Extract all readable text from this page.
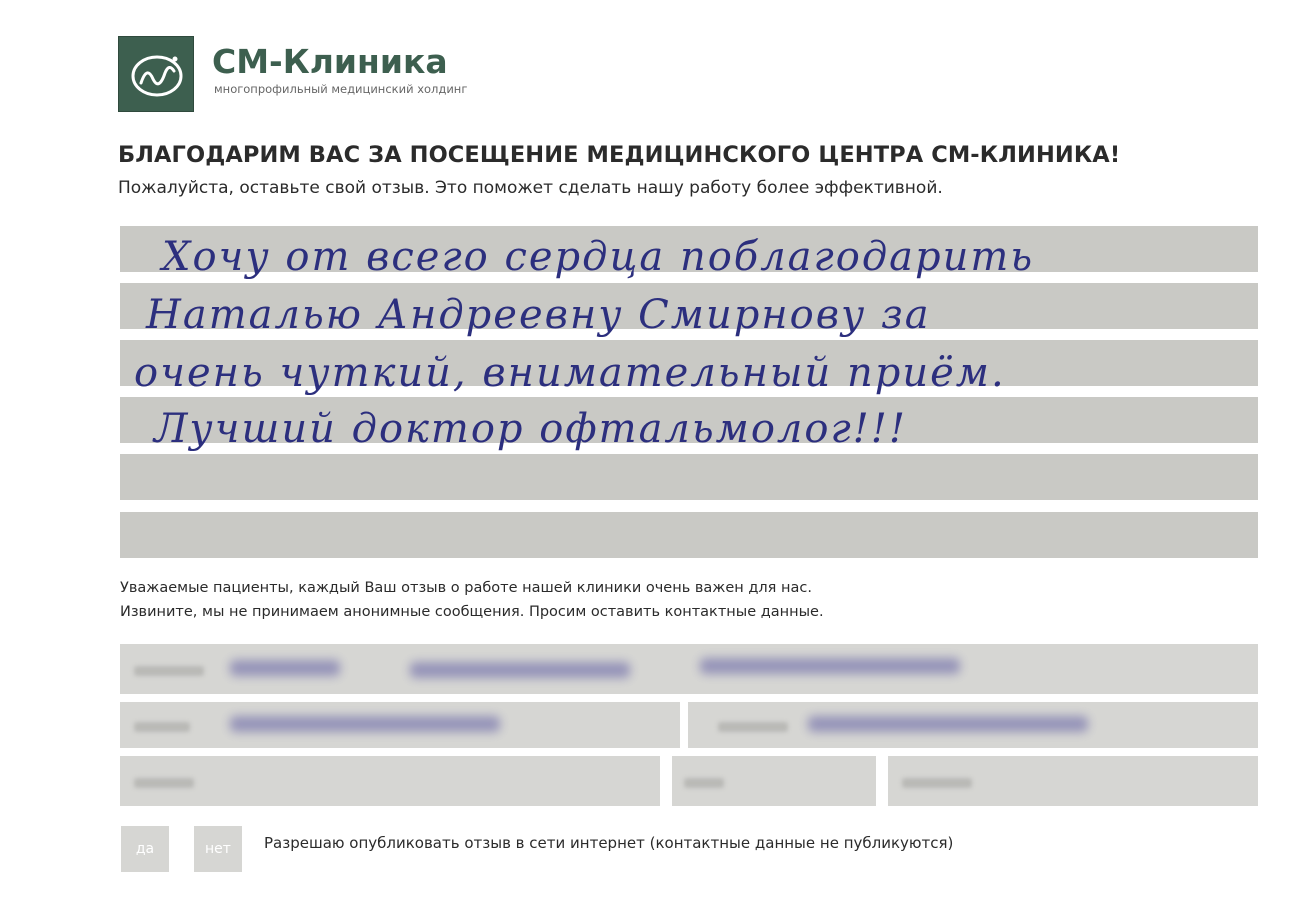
СМ-Клиника
многопрофильный медицинский холдинг
БЛАГОДАРИМ ВАС ЗА ПОСЕЩЕНИЕ МЕДИЦИНСКОГО ЦЕНТРА СМ-КЛИНИКА!
Пожалуйста, оставьте свой отзыв. Это поможет сделать нашу работу более эффективной.
Хочу от всего сердца поблагодарить
Наталью Андреевну Смирнову за
очень чуткий, внимательный приём.
Лучший доктор офтальмолог!!!
Уважаемые пациенты, каждый Ваш отзыв о работе нашей клиники очень важен для нас.
Извините, мы не принимаем анонимные сообщения. Просим оставить контактные данные.
да	нет	Разрешаю опубликовать отзыв в сети интернет (контактные данные не публикуются)
